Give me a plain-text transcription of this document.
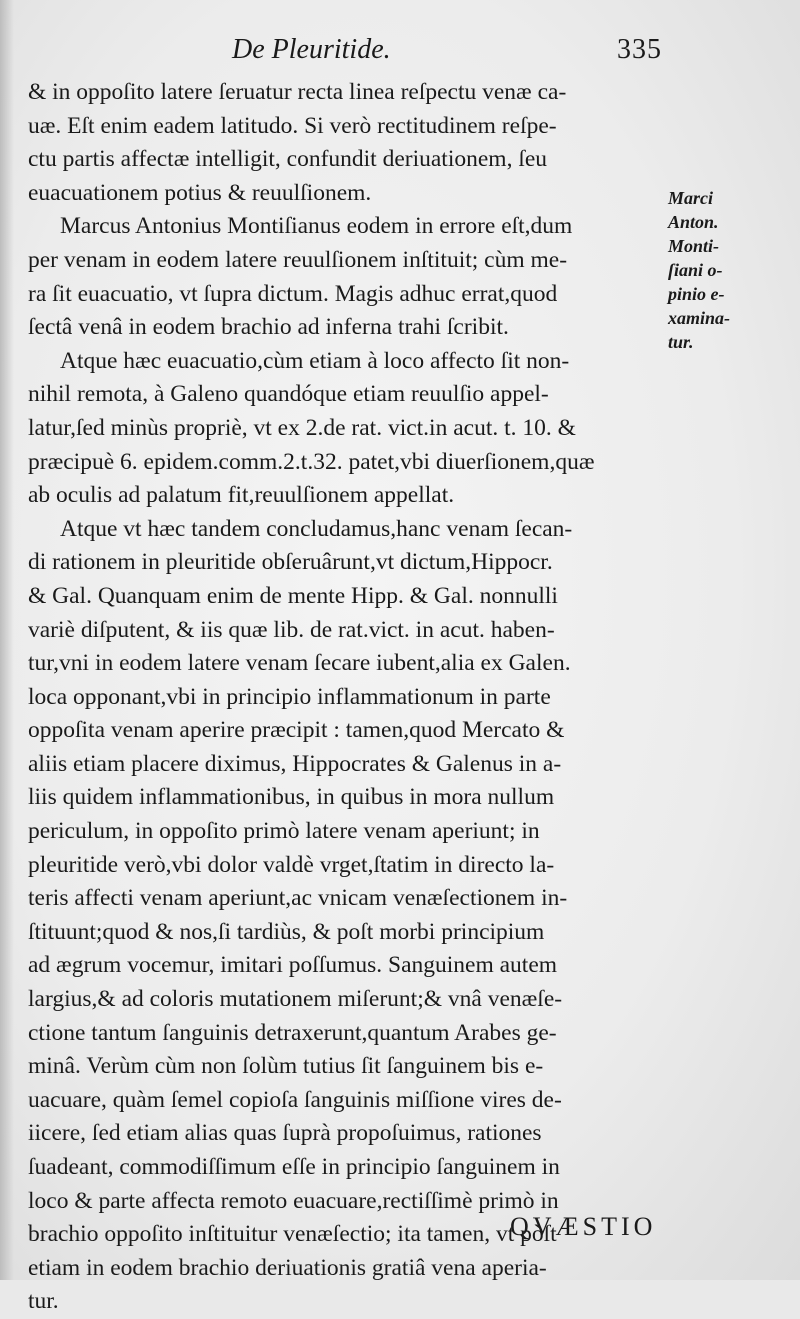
De Pleuritide.	335
& in oppoſito latere ſeruatur recta linea reſpectu venæ ca-
uæ. Eſt enim eadem latitudo. Si verò rectitudinem reſpe-
ctu partis affectæ intelligit, confundit deriuationem, ſeu
euacuationem potius & reuulſionem.
Marcus Antonius Montiſianus eodem in errore eſt,dum
per venam in eodem latere reuulſionem inſtituit; cùm me-
ra ſit euacuatio, vt ſupra dictum. Magis adhuc errat,quod
ſectâ venâ in eodem brachio ad inferna trahi ſcribit.
Atque hæc euacuatio,cùm etiam à loco affecto ſit non-
nihil remota, à Galeno quandóque etiam reuulſio appel-
latur,ſed minùs propriè, vt ex 2.de rat. vict.in acut. t. 10. &
præcipuè 6. epidem.comm.2.t.32. patet,vbi diuerſionem,quæ
ab oculis ad palatum fit,reuulſionem appellat.
Atque vt hæc tandem concludamus,hanc venam ſecan-
di rationem in pleuritide obſeruârunt,vt dictum,Hippocr.
& Gal. Quanquam enim de mente Hipp. & Gal. nonnulli
variè diſputent, & iis quæ lib. de rat.vict. in acut. haben-
tur,vni in eodem latere venam ſecare iubent,alia ex Galen.
loca opponant,vbi in principio inflammationum in parte
oppoſita venam aperire præcipit : tamen,quod Mercato &
aliis etiam placere diximus, Hippocrates & Galenus in a-
liis quidem inflammationibus, in quibus in mora nullum
periculum, in oppoſito primò latere venam aperiunt; in
pleuritide verò,vbi dolor valdè vrget,ſtatim in directo la-
teris affecti venam aperiunt,ac vnicam venæſectionem in-
ſtituunt;quod & nos,ſi tardiùs, & poſt morbi principium
ad ægrum vocemur, imitari poſſumus. Sanguinem autem
largius,& ad coloris mutationem miſerunt;& vnâ venæſe-
ctione tantum ſanguinis detraxerunt,quantum Arabes ge-
minâ. Verùm cùm non ſolùm tutius ſit ſanguinem bis e-
uacuare, quàm ſemel copioſa ſanguinis miſſione vires de-
iicere, ſed etiam alias quas ſuprà propoſuimus, rationes
ſuadeant, commodiſſimum eſſe in principio ſanguinem in
loco & parte affecta remoto euacuare,rectiſſimè primò in
brachio oppoſito inſtituitur venæſectio; ita tamen, vt pòſt
etiam in eodem brachio deriuationis gratiâ vena aperia-
tur.
Marci
Anton.
Monti-
ſiani o-
pinio e-
xamina-
tur.
QVÆSTIO
